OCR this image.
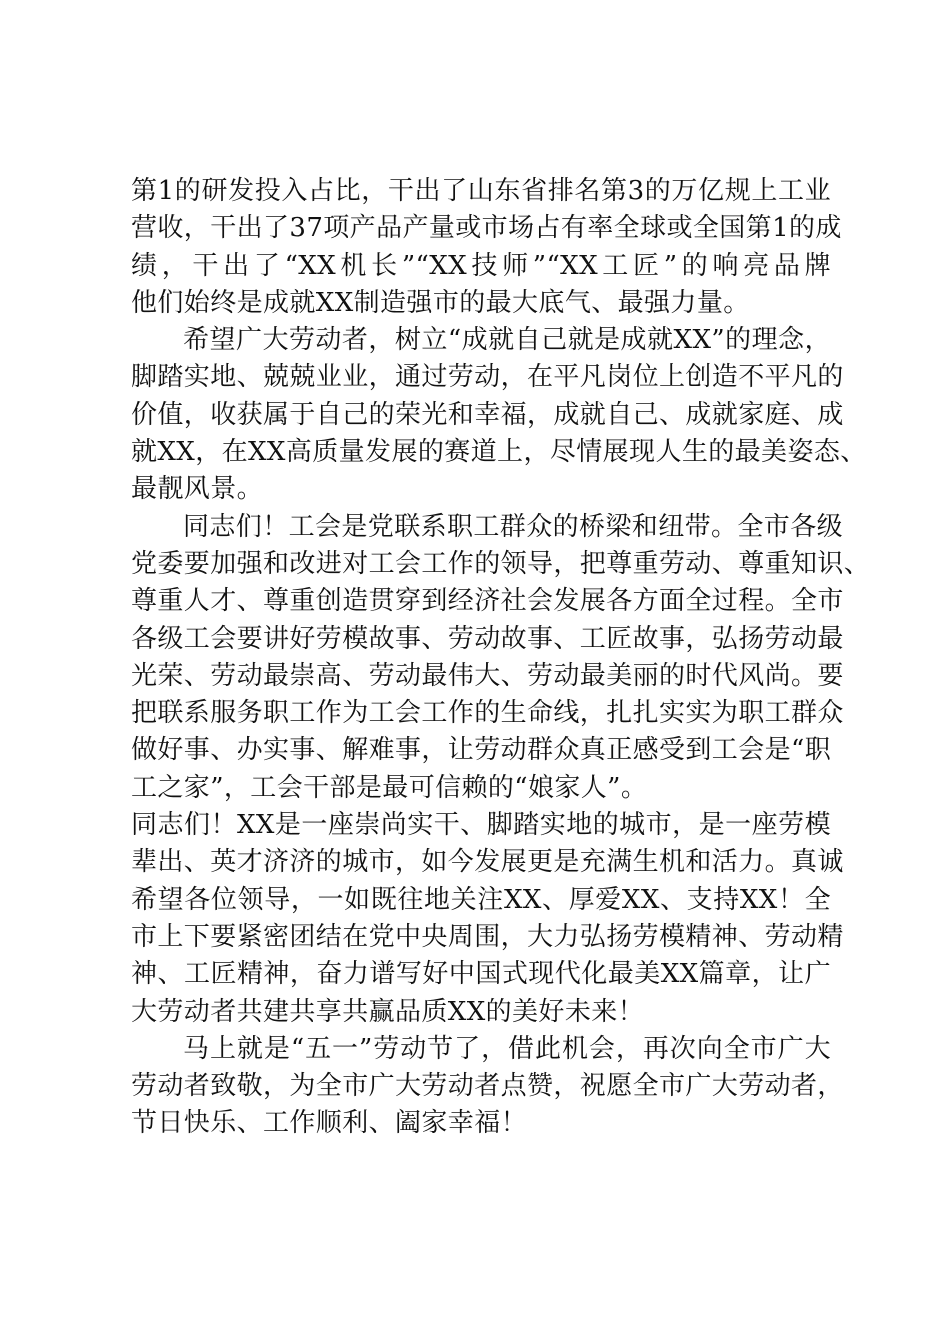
第1的研发投入占比，干出了山东省排名第3的万亿规上工业
营收，干出了37项产品产量或市场占有率全球或全国第1的成
绩，干出了“XX机长”“XX技师”“XX工匠”的响亮品牌
他们始终是成就XX制造强市的最大底气、最强力量。
希望广大劳动者，树立“成就自己就是成就XX”的理念，
脚踏实地、兢兢业业，通过劳动，在平凡岗位上创造不平凡的
价值，收获属于自己的荣光和幸福，成就自己、成就家庭、成
就XX，在XX高质量发展的赛道上，尽情展现人生的最美姿态、
最靓风景。
同志们！工会是党联系职工群众的桥梁和纽带。全市各级
党委要加强和改进对工会工作的领导，把尊重劳动、尊重知识、
尊重人才、尊重创造贯穿到经济社会发展各方面全过程。全市
各级工会要讲好劳模故事、劳动故事、工匠故事，弘扬劳动最
光荣、劳动最崇高、劳动最伟大、劳动最美丽的时代风尚。要
把联系服务职工作为工会工作的生命线，扎扎实实为职工群众
做好事、办实事、解难事，让劳动群众真正感受到工会是“职
工之家”，工会干部是最可信赖的“娘家人”。
同志们！XX是一座崇尚实干、脚踏实地的城市，是一座劳模
辈出、英才济济的城市，如今发展更是充满生机和活力。真诚
希望各位领导，一如既往地关注XX、厚爱XX、支持XX！全
市上下要紧密团结在党中央周围，大力弘扬劳模精神、劳动精
神、工匠精神，奋力谱写好中国式现代化最美XX篇章，让广
大劳动者共建共享共赢品质XX的美好未来！
马上就是“五一”劳动节了，借此机会，再次向全市广大
劳动者致敬，为全市广大劳动者点赞，祝愿全市广大劳动者，
节日快乐、工作顺利、阖家幸福！
